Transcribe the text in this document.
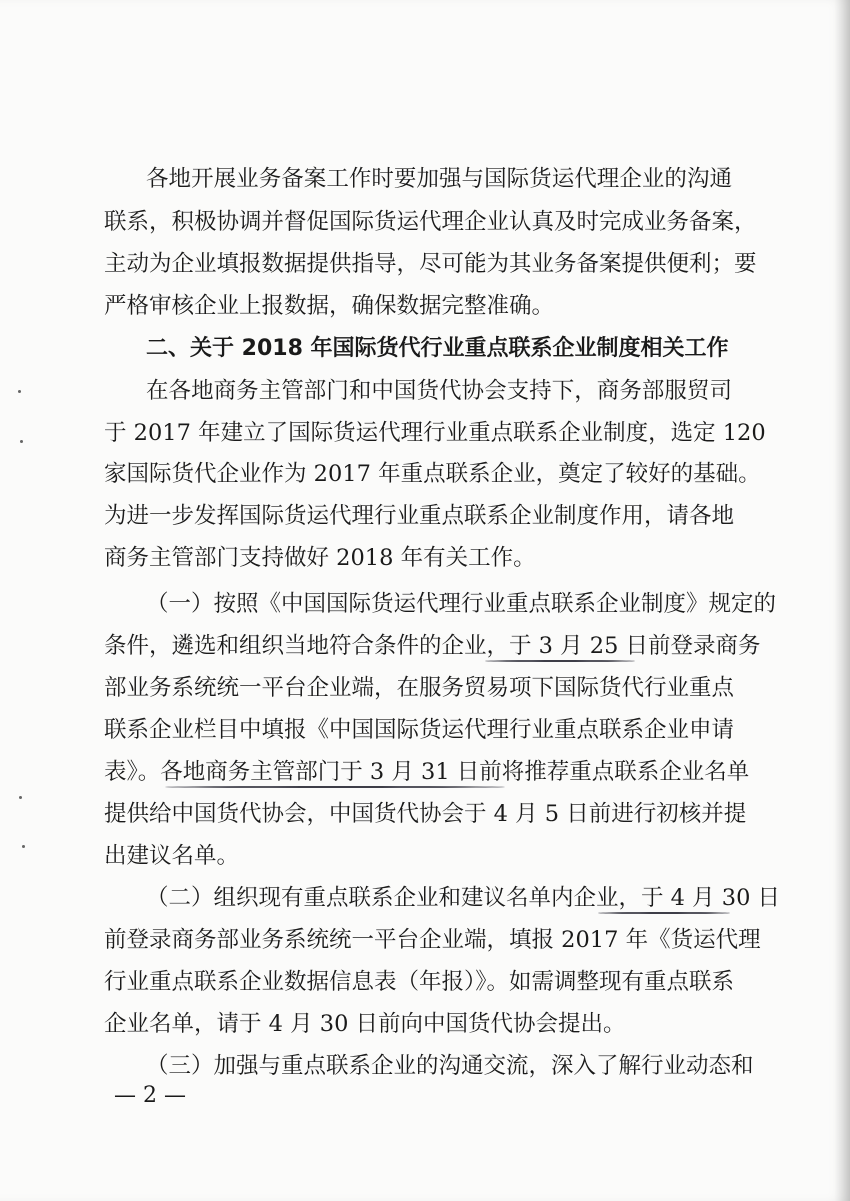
各地开展业务备案工作时要加强与国际货运代理企业的沟通
联系，积极协调并督促国际货运代理企业认真及时完成业务备案，
主动为企业填报数据提供指导，尽可能为其业务备案提供便利；要
严格审核企业上报数据，确保数据完整准确。
二、关于 2018 年国际货代行业重点联系企业制度相关工作
在各地商务主管部门和中国货代协会支持下，商务部服贸司
于 2017 年建立了国际货运代理行业重点联系企业制度，选定 120
家国际货代企业作为 2017 年重点联系企业，奠定了较好的基础。
为进一步发挥国际货运代理行业重点联系企业制度作用，请各地
商务主管部门支持做好 2018 年有关工作。
（一）按照《中国国际货运代理行业重点联系企业制度》规定的
条件，遴选和组织当地符合条件的企业，于 3 月 25 日前登录商务
部业务系统统一平台企业端，在服务贸易项下国际货代行业重点
联系企业栏目中填报《中国国际货运代理行业重点联系企业申请
表》。各地商务主管部门于 3 月 31 日前将推荐重点联系企业名单
提供给中国货代协会，中国货代协会于 4 月 5 日前进行初核并提
出建议名单。
（二）组织现有重点联系企业和建议名单内企业，于 4 月 30 日
前登录商务部业务系统统一平台企业端，填报 2017 年《货运代理
行业重点联系企业数据信息表（年报）》。如需调整现有重点联系
企业名单，请于 4 月 30 日前向中国货代协会提出。
（三）加强与重点联系企业的沟通交流，深入了解行业动态和
— 2 —
